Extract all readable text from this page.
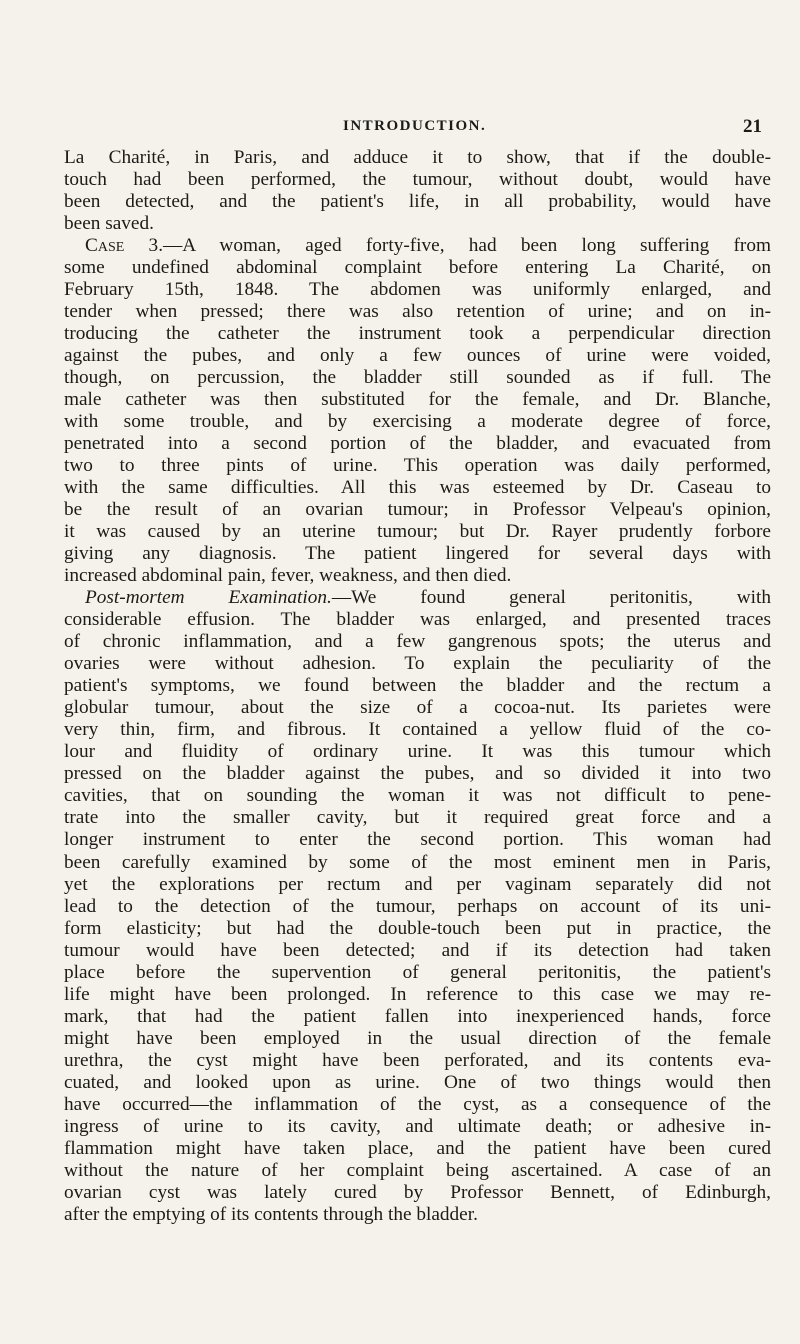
INTRODUCTION.	21
La Charité, in Paris, and adduce it to show, that if the double-
touch had been performed, the tumour, without doubt, would have
been detected, and the patient's life, in all probability, would have
been saved.
Case 3.—A woman, aged forty-five, had been long suffering from
some undefined abdominal complaint before entering La Charité, on
February 15th, 1848. The abdomen was uniformly enlarged, and
tender when pressed; there was also retention of urine; and on in-
troducing the catheter the instrument took a perpendicular direction
against the pubes, and only a few ounces of urine were voided,
though, on percussion, the bladder still sounded as if full. The
male catheter was then substituted for the female, and Dr. Blanche,
with some trouble, and by exercising a moderate degree of force,
penetrated into a second portion of the bladder, and evacuated from
two to three pints of urine. This operation was daily performed,
with the same difficulties. All this was esteemed by Dr. Caseau to
be the result of an ovarian tumour; in Professor Velpeau's opinion,
it was caused by an uterine tumour; but Dr. Rayer prudently forbore
giving any diagnosis. The patient lingered for several days with
increased abdominal pain, fever, weakness, and then died.
Post-mortem Examination.—We found general peritonitis, with
considerable effusion. The bladder was enlarged, and presented traces
of chronic inflammation, and a few gangrenous spots; the uterus and
ovaries were without adhesion. To explain the peculiarity of the
patient's symptoms, we found between the bladder and the rectum a
globular tumour, about the size of a cocoa-nut. Its parietes were
very thin, firm, and fibrous. It contained a yellow fluid of the co-
lour and fluidity of ordinary urine. It was this tumour which
pressed on the bladder against the pubes, and so divided it into two
cavities, that on sounding the woman it was not difficult to pene-
trate into the smaller cavity, but it required great force and a
longer instrument to enter the second portion. This woman had
been carefully examined by some of the most eminent men in Paris,
yet the explorations per rectum and per vaginam separately did not
lead to the detection of the tumour, perhaps on account of its uni-
form elasticity; but had the double-touch been put in practice, the
tumour would have been detected; and if its detection had taken
place before the supervention of general peritonitis, the patient's
life might have been prolonged. In reference to this case we may re-
mark, that had the patient fallen into inexperienced hands, force
might have been employed in the usual direction of the female
urethra, the cyst might have been perforated, and its contents eva-
cuated, and looked upon as urine. One of two things would then
have occurred—the inflammation of the cyst, as a consequence of the
ingress of urine to its cavity, and ultimate death; or adhesive in-
flammation might have taken place, and the patient have been cured
without the nature of her complaint being ascertained. A case of an
ovarian cyst was lately cured by Professor Bennett, of Edinburgh,
after the emptying of its contents through the bladder.
